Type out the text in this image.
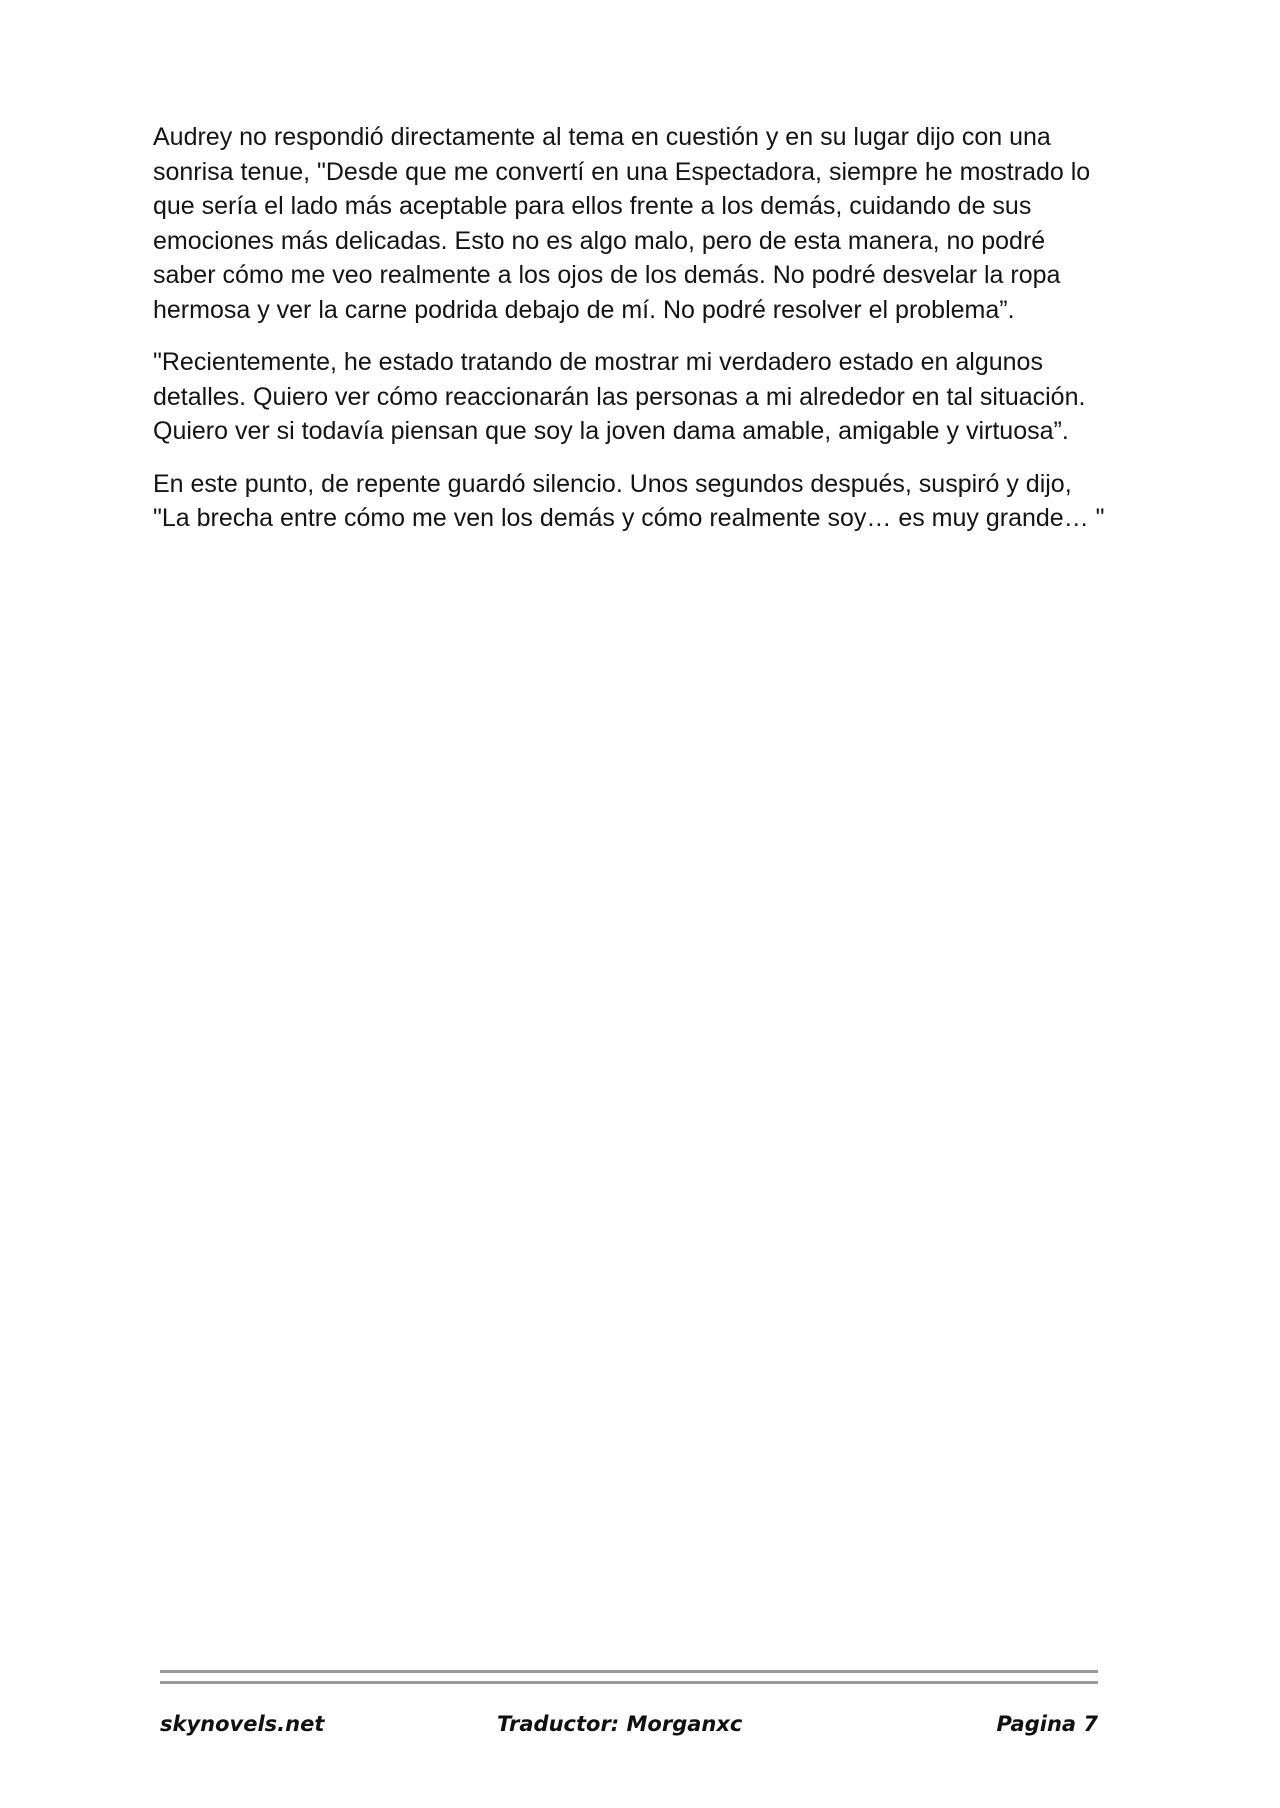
Audrey no respondió directamente al tema en cuestión y en su lugar dijo con una sonrisa tenue, "Desde que me convertí en una Espectadora, siempre he mostrado lo que sería el lado más aceptable para ellos frente a los demás, cuidando de sus emociones más delicadas. Esto no es algo malo, pero de esta manera, no podré saber cómo me veo realmente a los ojos de los demás. No podré desvelar la ropa hermosa y ver la carne podrida debajo de mí. No podré resolver el problema”.

"Recientemente, he estado tratando de mostrar mi verdadero estado en algunos detalles. Quiero ver cómo reaccionarán las personas a mi alrededor en tal situación. Quiero ver si todavía piensan que soy la joven dama amable, amigable y virtuosa”.

En este punto, de repente guardó silencio. Unos segundos después, suspiró y dijo, "La brecha entre cómo me ven los demás y cómo realmente soy… es muy grande… "

skynovels.net	Traductor: Morganxc	Pagina 7
